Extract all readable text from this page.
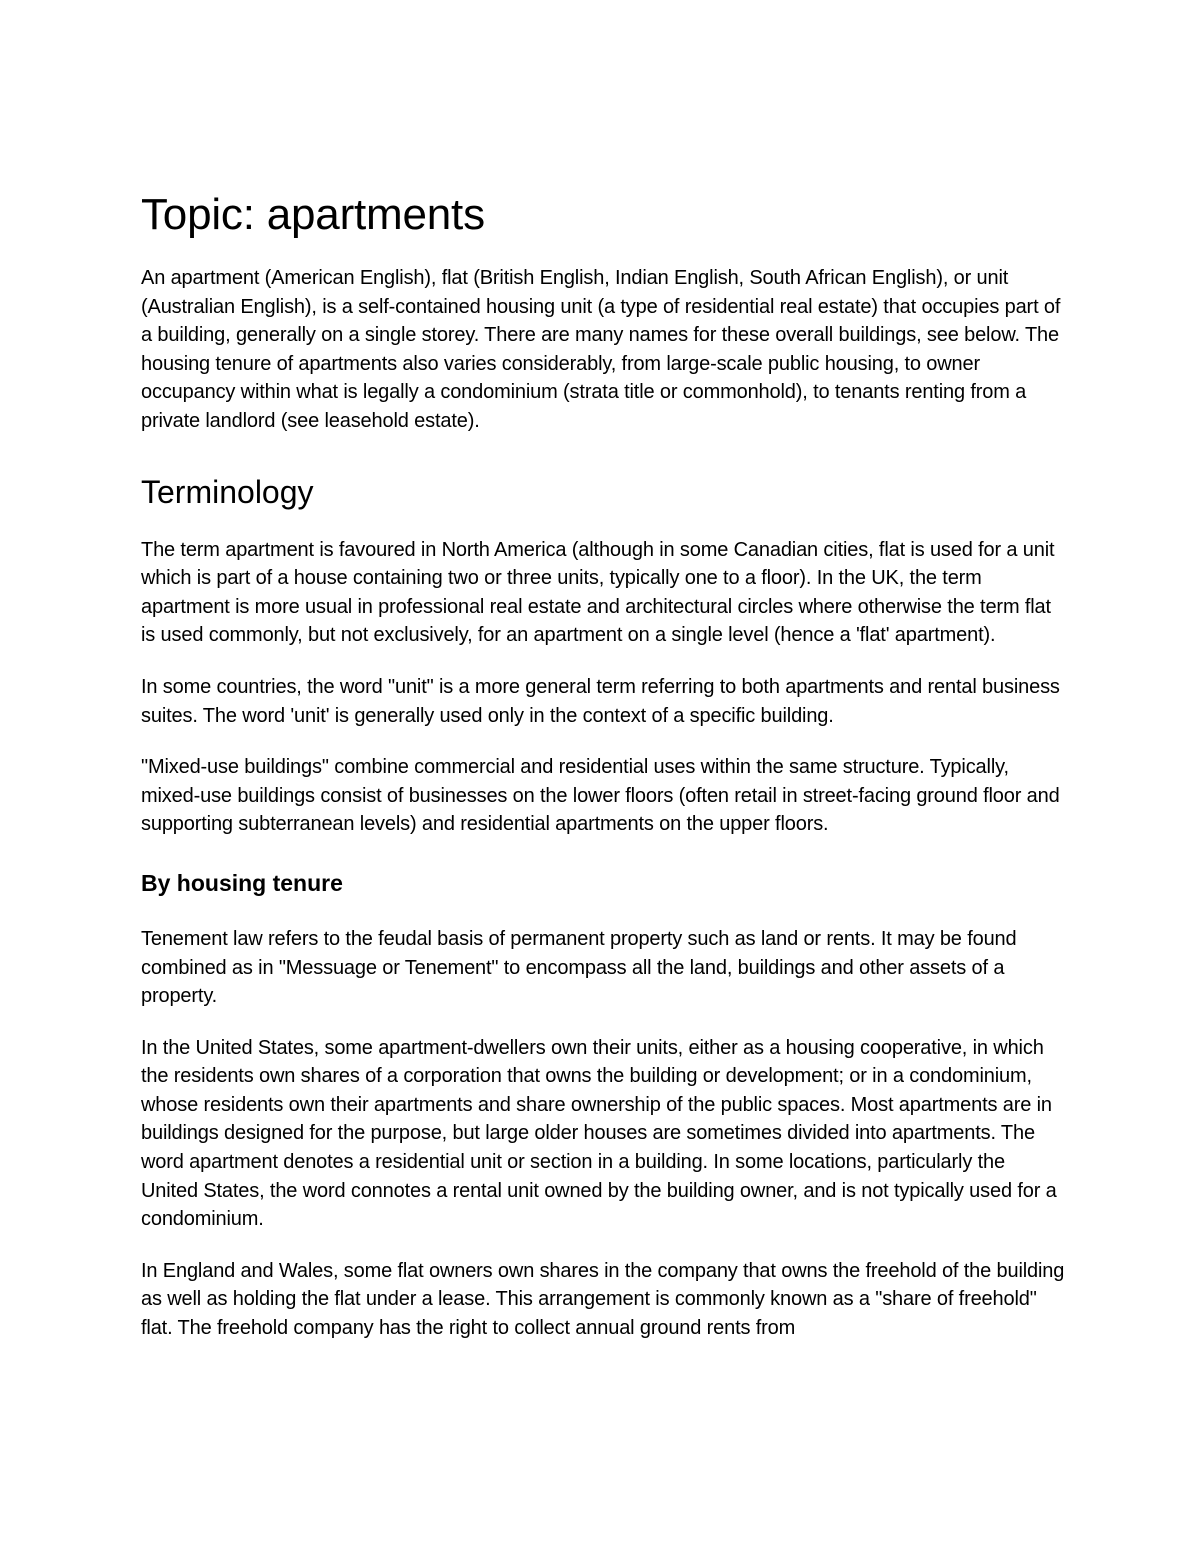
Topic: apartments

An apartment (American English), flat (British English, Indian English, South African English), or unit (Australian English), is a self-contained housing unit (a type of residential real estate) that occupies part of a building, generally on a single storey. There are many names for these overall buildings, see below. The housing tenure of apartments also varies considerably, from large-scale public housing, to owner occupancy within what is legally a condominium (strata title or commonhold), to tenants renting from a private landlord (see leasehold estate).

Terminology

The term apartment is favoured in North America (although in some Canadian cities, flat is used for a unit which is part of a house containing two or three units, typically one to a floor). In the UK, the term apartment is more usual in professional real estate and architectural circles where otherwise the term flat is used commonly, but not exclusively, for an apartment on a single level (hence a 'flat' apartment).

In some countries, the word "unit" is a more general term referring to both apartments and rental business suites. The word 'unit' is generally used only in the context of a specific building.

"Mixed-use buildings" combine commercial and residential uses within the same structure. Typically, mixed-use buildings consist of businesses on the lower floors (often retail in street-facing ground floor and supporting subterranean levels) and residential apartments on the upper floors.

By housing tenure

Tenement law refers to the feudal basis of permanent property such as land or rents. It may be found combined as in "Messuage or Tenement" to encompass all the land, buildings and other assets of a property.

In the United States, some apartment-dwellers own their units, either as a housing cooperative, in which the residents own shares of a corporation that owns the building or development; or in a condominium, whose residents own their apartments and share ownership of the public spaces. Most apartments are in buildings designed for the purpose, but large older houses are sometimes divided into apartments. The word apartment denotes a residential unit or section in a building. In some locations, particularly the United States, the word connotes a rental unit owned by the building owner, and is not typically used for a condominium.

In England and Wales, some flat owners own shares in the company that owns the freehold of the building as well as holding the flat under a lease. This arrangement is commonly known as a "share of freehold" flat. The freehold company has the right to collect annual ground rents from
